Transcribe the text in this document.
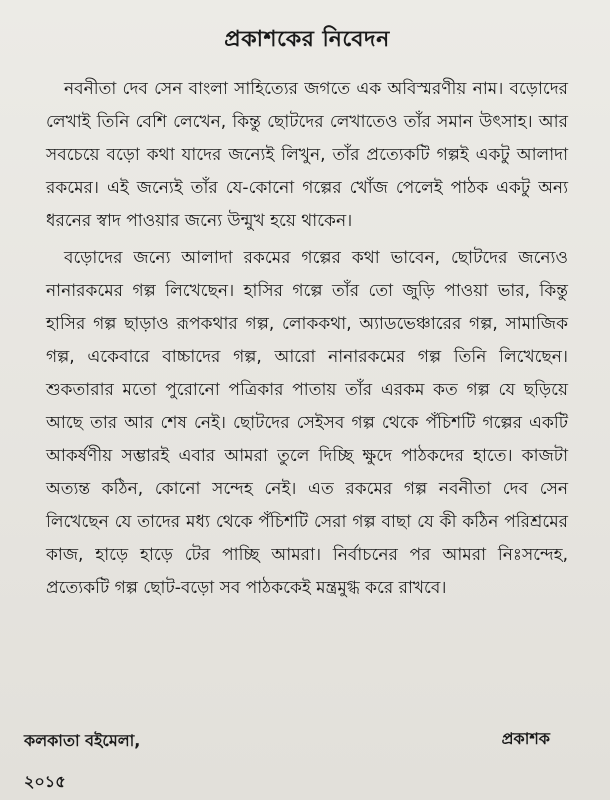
প্রকাশকের নিবেদন

নবনীতা দেব সেন বাংলা সাহিত্যের জগতে এক অবিস্মরণীয় নাম। বড়োদের লেখাই তিনি বেশি লেখেন, কিন্তু ছোটদের লেখাতেও তাঁর সমান উৎসাহ। আর সবচেয়ে বড়ো কথা যাদের জন্যেই লিখুন, তাঁর প্রত্যেকটি গল্পই একটু আলাদা রকমের। এই জন্যেই তাঁর যে-কোনো গল্পের খোঁজ পেলেই পাঠক একটু অন্য ধরনের স্বাদ পাওয়ার জন্যে উন্মুখ হয়ে থাকেন।

বড়োদের জন্যে আলাদা রকমের গল্পের কথা ভাবেন, ছোটদের জন্যেও নানারকমের গল্প লিখেছেন। হাসির গল্পে তাঁর তো জুড়ি পাওয়া ভার, কিন্তু হাসির গল্প ছাড়াও রূপকথার গল্প, লোককথা, অ্যাডভেঞ্চারের গল্প, সামাজিক গল্প, একেবারে বাচ্চাদের গল্প, আরো নানারকমের গল্প তিনি লিখেছেন। শুকতারার মতো পুরোনো পত্রিকার পাতায় তাঁর এরকম কত গল্প যে ছড়িয়ে আছে তার আর শেষ নেই। ছোটদের সেইসব গল্প থেকে পঁচিশটি গল্পের একটি আকর্ষণীয় সম্ভারই এবার আমরা তুলে দিচ্ছি ক্ষুদে পাঠকদের হাতে। কাজটা অত্যন্ত কঠিন, কোনো সন্দেহ নেই। এত রকমের গল্প নবনীতা দেব সেন লিখেছেন যে তাদের মধ্য থেকে পঁচিশটি সেরা গল্প বাছা যে কী কঠিন পরিশ্রমের কাজ, হাড়ে হাড়ে টের পাচ্ছি আমরা। নির্বাচনের পর আমরা নিঃসন্দেহ, প্রত্যেকটি গল্প ছোট-বড়ো সব পাঠককেই মন্ত্রমুগ্ধ করে রাখবে।

কলকাতা বইমেলা,
২০১৫
প্রকাশক
